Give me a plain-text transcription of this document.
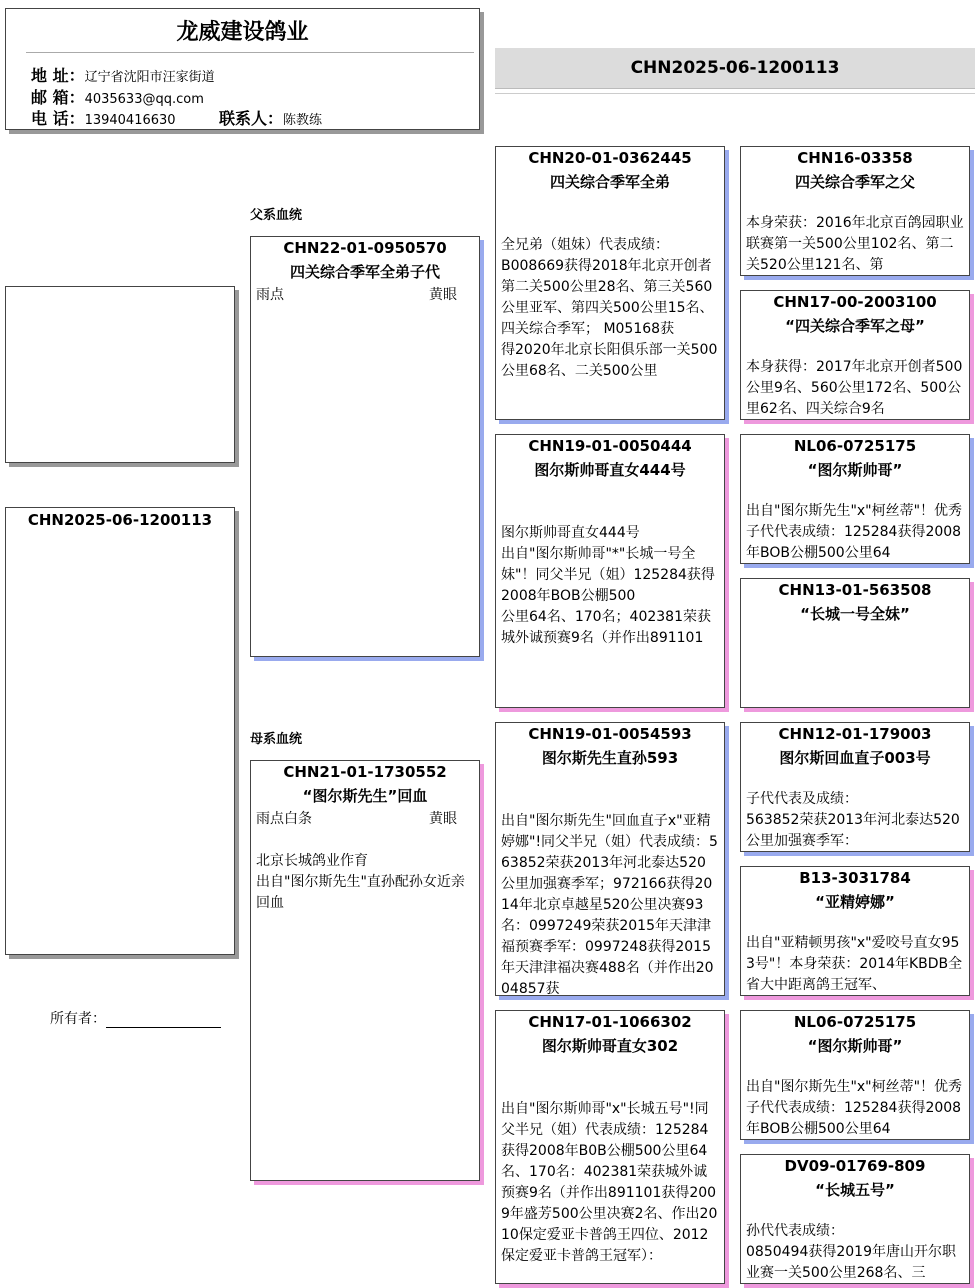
龙威建设鸽业
地 址：辽宁省沈阳市汪家街道
邮 箱：4035633@qq.com
电 话：13940416630	联系人：陈教练
CHN2025-06-1200113
CHN2025-06-1200113
所有者：
父系血统
母系血统
CHN22-01-0950570
四关综合季军全弟子代
雨点	黄眼
CHN21-01-1730552
“图尔斯先生”回血
雨点白条	黄眼
北京长城鸽业作育
出自"图尔斯先生"直孙配孙女近亲回血
CHN20-01-0362445
四关综合季军全弟
全兄弟（姐妹）代表成绩：
B008669获得2018年北京开创者
第二关500公里28名、第三关560公里亚军、第四关500公里15名、四关综合季军； M05168获
得2020年北京长阳俱乐部一关500公里68名、二关500公里
CHN19-01-0050444
图尔斯帅哥直女444号
图尔斯帅哥直女444号
出自"图尔斯帅哥"*"长城一号全妹"！同父半兄（姐）125284获得2008年BOB公棚500
公里64名、170名；402381荣获
城外诚预赛9名（并作出891101
CHN19-01-0054593
图尔斯先生直孙593
出自"图尔斯先生"回血直子x"亚精婷娜"!同父半兄（姐）代表成绩：563852荣获2013年河北泰达520公里加强赛季军；972166获得2014年北京卓越星520公里决赛93名：0997249荣获2015年天津津福预赛季军：0997248获得2015年天津津福决赛488名（并作出2004857获
CHN17-01-1066302
图尔斯帅哥直女302
出自"图尔斯帅哥"x"长城五号"!同父半兄（姐）代表成绩：125284获得2008年B0B公棚500公里64名、170名：402381荣获城外诚预赛9名（并作出891101获得2009年盛芳500公里决赛2名、作出2010保定爱亚卡普鸽王四位、2012保定爱亚卡普鸽王冠军）：
CHN16-03358
四关综合季军之父
本身荣获：2016年北京百鸽园职业联赛第一关500公里102名、第二关520公里121名、第
CHN17-00-2003100
“四关综合季军之母”
本身获得：2017年北京开创者500公里9名、560公里172名、500公里62名、四关综合9名
NL06-0725175
“图尔斯帅哥”
出自"图尔斯先生"x"柯丝蒂"！优秀子代代表成绩：125284获得2008年BOB公棚500公里64
CHN13-01-563508
“长城一号全妹”
CHN12-01-179003
图尔斯回血直子003号
子代代表及成绩：
563852荣获2013年河北泰达520公里加强赛季军：
B13-3031784
“亚精婷娜”
出自"亚精顿男孩"x"爱咬号直女953号"！本身荣获：2014年KBDB全省大中距离鸽王冠军、
NL06-0725175
“图尔斯帅哥”
出自"图尔斯先生"x"柯丝蒂"！优秀子代代表成绩：125284获得2008年BOB公棚500公里64
DV09-01769-809
“长城五号”
孙代代表成绩：
0850494获得2019年唐山开尔职业赛一关500公里268名、三
